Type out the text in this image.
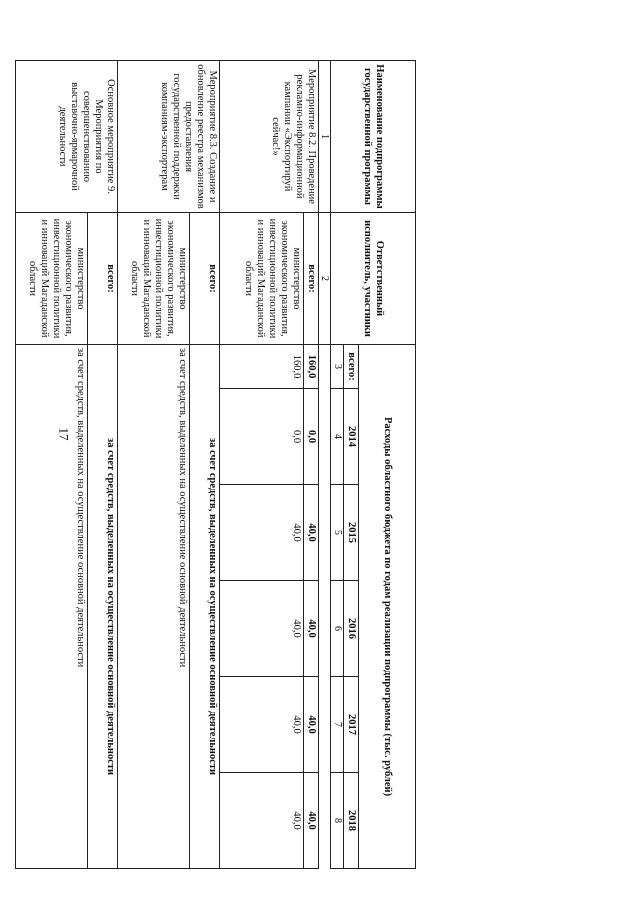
17
Наименование подпрограммы государственной программы	Ответственный исполнитель, участники	Расходы областного бюджета по годам реализации подпрограммы (тыс. рублей)					
		всего:	2014	2015	2016	2017	2018
		3	4	5	6	7	8
1	2						
Мероприятие 8.2. Проведение рекламно-информационной кампании «Экспортируй сейчас!»	всего:	160,0	0,0	40,0	40,0	40,0	40,0
	министерство экономического развития, инвестиционной политики и инноваций Магаданской области	160,0	0,0	40,0	40,0	40,0	40,0
Мероприятие 8.3. Создание и обновление реестра механизмов предоставления государственной поддержки компаниям-экспортерам	всего:	за счет средств, выделенных на осуществление основной деятельности					
	министерство экономического развития, инвестиционной политики и инноваций Магаданской области	за счет средств, выделенных на осуществление основной деятельности					
Основное мероприятие 9. Мероприятия по совершенствованию выставочно-ярмарочной деятельности	всего:	за счет средств, выделенных на осуществление основной деятельности					
	министерство экономического развития, инвестиционной политики и инноваций Магаданской области	за счет средств, выделенных на осуществление основной деятельности					
